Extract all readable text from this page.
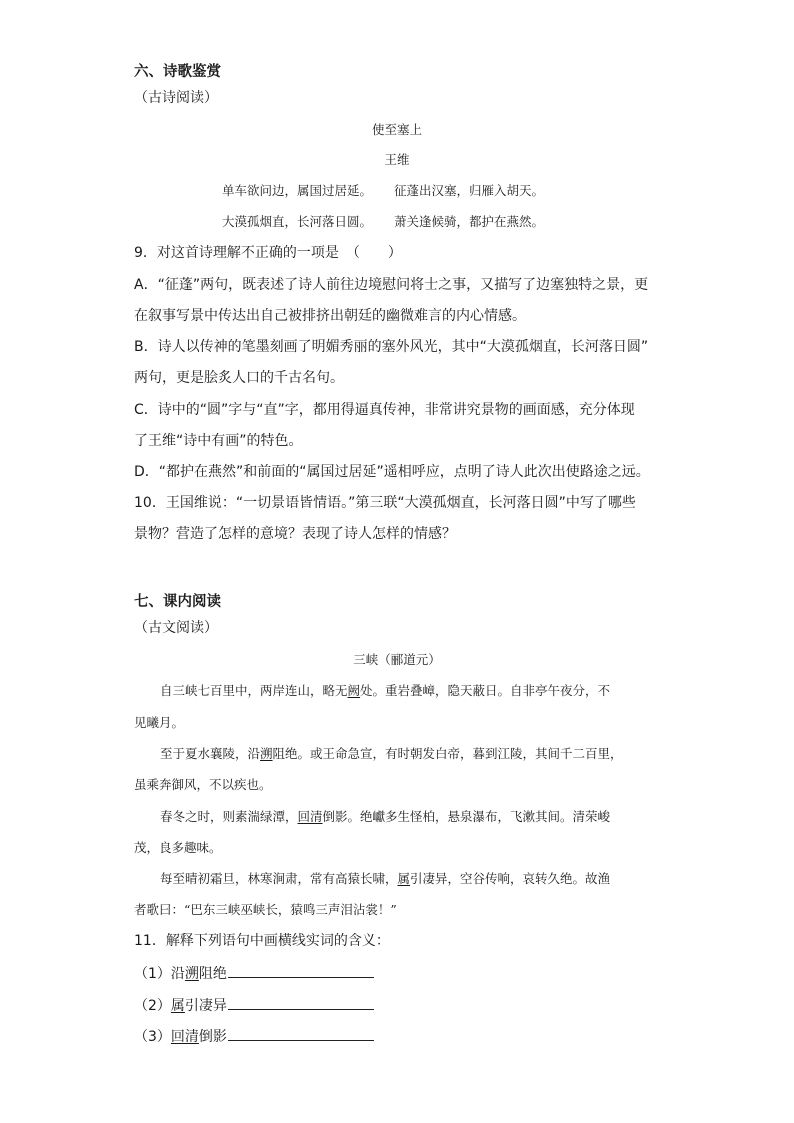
六、诗歌鉴赏
（古诗阅读）
使至塞上
王维
单车欲问边，属国过居延。 征蓬出汉塞，归雁入胡天。
大漠孤烟直，长河落日圆。 萧关逢候骑，都护在燕然。
9．对这首诗理解不正确的一项是　（　　）
A．“征蓬”两句，既表述了诗人前往边境慰问将士之事，又描写了边塞独特之景，更
在叙事写景中传达出自己被排挤出朝廷的幽微难言的内心情感。
B．诗人以传神的笔墨刻画了明媚秀丽的塞外风光，其中“大漠孤烟直，长河落日圆”
两句，更是脍炙人口的千古名句。
C．诗中的“圆”字与“直”字，都用得逼真传神，非常讲究景物的画面感，充分体现
了王维“诗中有画”的特色。
D．“都护在燕然”和前面的“属国过居延”遥相呼应，点明了诗人此次出使路途之远。
10．王国维说：“一切景语皆情语。”第三联“大漠孤烟直，长河落日圆”中写了哪些
景物？营造了怎样的意境？表现了诗人怎样的情感？
七、课内阅读
（古文阅读）
三峡（郦道元）
自三峡七百里中，两岸连山，略无阙处。重岩叠嶂，隐天蔽日。自非亭午夜分，不
见曦月。
至于夏水襄陵，沿溯阻绝。或王命急宣，有时朝发白帝，暮到江陵，其间千二百里，
虽乘奔御风，不以疾也。
春冬之时，则素湍绿潭，回清倒影。绝巘多生怪柏，悬泉瀑布，飞漱其间。清荣峻
茂，良多趣味。
每至晴初霜旦，林寒涧肃，常有高猿长啸，属引凄异，空谷传响，哀转久绝。故渔
者歌曰：“巴东三峡巫峡长，猿鸣三声泪沾裳！”
11．解释下列语句中画横线实词的含义：
（1）沿溯阻绝
（2）属引凄异
（3）回清倒影
